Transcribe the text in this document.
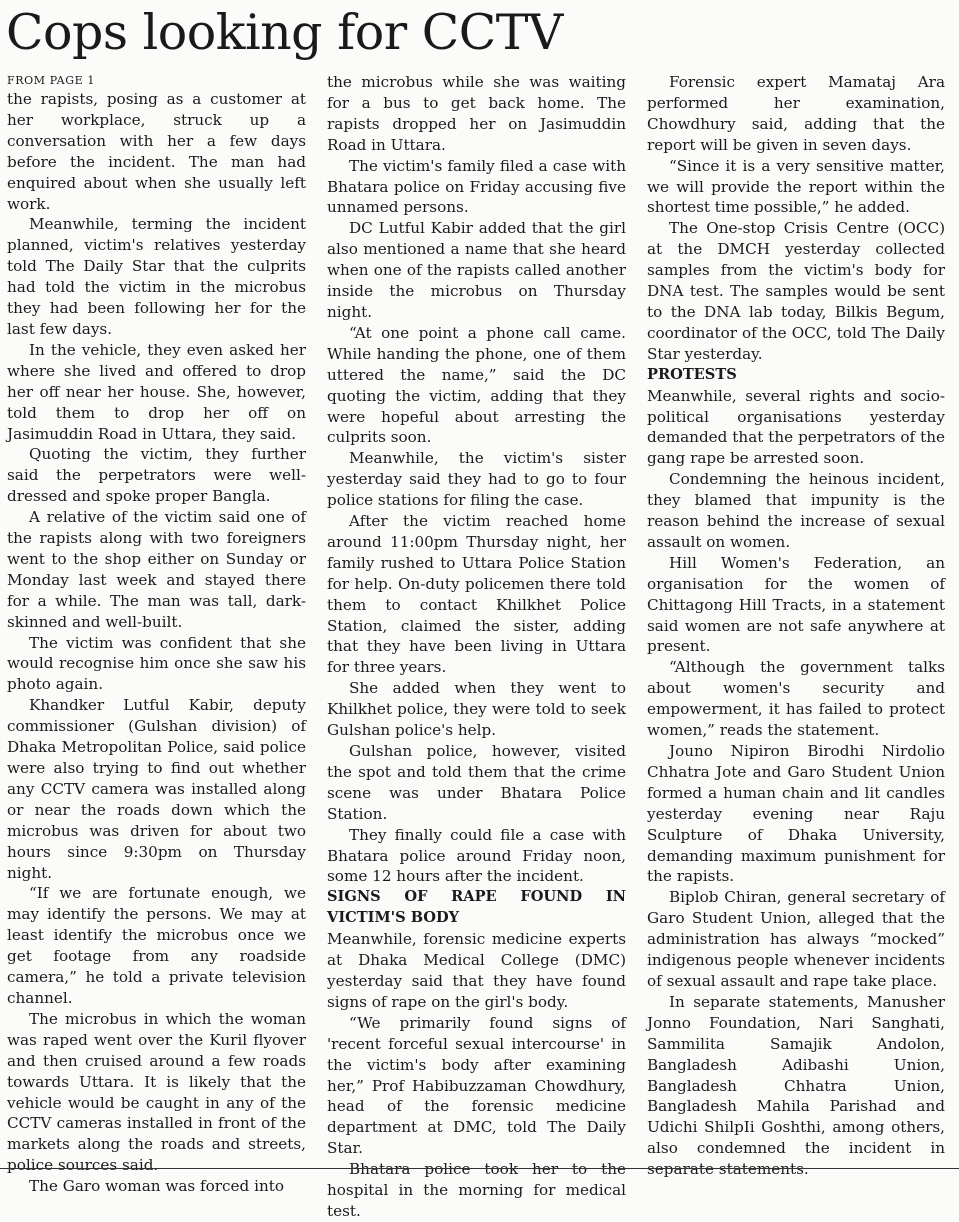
Cops looking for CCTV

FROM PAGE 1

the rapists, posing as a customer at her workplace, struck up a conversation with her a few days before the incident. The man had enquired about when she usually left work.

Meanwhile, terming the incident planned, victim's relatives yesterday told The Daily Star that the culprits had told the victim in the microbus they had been following her for the last few days.

In the vehicle, they even asked her where she lived and offered to drop her off near her house. She, however, told them to drop her off on Jasimuddin Road in Uttara, they said.

Quoting the victim, they further said the perpetrators were well-dressed and spoke proper Bangla.

A relative of the victim said one of the rapists along with two foreigners went to the shop either on Sunday or Monday last week and stayed there for a while. The man was tall, dark-skinned and well-built.

The victim was confident that she would recognise him once she saw his photo again.

Khandker Lutful Kabir, deputy commissioner (Gulshan division) of Dhaka Metropolitan Police, said police were also trying to find out whether any CCTV camera was installed along or near the roads down which the microbus was driven for about two hours since 9:30pm on Thursday night.

“If we are fortunate enough, we may identify the persons. We may at least identify the microbus once we get footage from any roadside camera,” he told a private television channel.

The microbus in which the woman was raped went over the Kuril flyover and then cruised around a few roads towards Uttara. It is likely that the vehicle would be caught in any of the CCTV cameras installed in front of the markets along the roads and streets, police sources said.

The Garo woman was forced into

the microbus while she was waiting for a bus to get back home. The rapists dropped her on Jasimuddin Road in Uttara.

The victim's family filed a case with Bhatara police on Friday accusing five unnamed persons.

DC Lutful Kabir added that the girl also mentioned a name that she heard when one of the rapists called another inside the microbus on Thursday night.

“At one point a phone call came. While handing the phone, one of them uttered the name,” said the DC quoting the victim, adding that they were hopeful about arresting the culprits soon.

Meanwhile, the victim's sister yesterday said they had to go to four police stations for filing the case.

After the victim reached home around 11:00pm Thursday night, her family rushed to Uttara Police Station for help. On-duty policemen there told them to contact Khilkhet Police Station, claimed the sister, adding that they have been living in Uttara for three years.

She added when they went to Khilkhet police, they were told to seek Gulshan police's help.

Gulshan police, however, visited the spot and told them that the crime scene was under Bhatara Police Station.

They finally could file a case with Bhatara police around Friday noon, some 12 hours after the incident.

SIGNS OF RAPE FOUND IN VICTIM'S BODY

Meanwhile, forensic medicine experts at Dhaka Medical College (DMC) yesterday said that they have found signs of rape on the girl's body.

“We primarily found signs of 'recent forceful sexual intercourse' in the victim's body after examining her,” Prof Habibuzzaman Chowdhury, head of the forensic medicine department at DMC, told The Daily Star.

Bhatara police took her to the hospital in the morning for medical test.

Forensic expert Mamataj Ara performed her examination, Chowdhury said, adding that the report will be given in seven days.

“Since it is a very sensitive matter, we will provide the report within the shortest time possible,” he added.

The One-stop Crisis Centre (OCC) at the DMCH yesterday collected samples from the victim's body for DNA test. The samples would be sent to the DNA lab today, Bilkis Begum, coordinator of the OCC, told The Daily Star yesterday.

PROTESTS

Meanwhile, several rights and socio-political organisations yesterday demanded that the perpetrators of the gang rape be arrested soon.

Condemning the heinous incident, they blamed that impunity is the reason behind the increase of sexual assault on women.

Hill Women's Federation, an organisation for the women of Chittagong Hill Tracts, in a statement said women are not safe anywhere at present.

“Although the government talks about women's security and empowerment, it has failed to protect women,” reads the statement.

Jouno Nipiron Birodhi Nirdolio Chhatra Jote and Garo Student Union formed a human chain and lit candles yesterday evening near Raju Sculpture of Dhaka University, demanding maximum punishment for the rapists.

Biplob Chiran, general secretary of Garo Student Union, alleged that the administration has always “mocked” indigenous people whenever incidents of sexual assault and rape take place.

In separate statements, Manusher Jonno Foundation, Nari Sanghati, Sammilita Samajik Andolon, Bangladesh Adibashi Union, Bangladesh Chhatra Union, Bangladesh Mahila Parishad and Udichi ShilpIi Goshthi, among others, also condemned the incident in separate statements.
